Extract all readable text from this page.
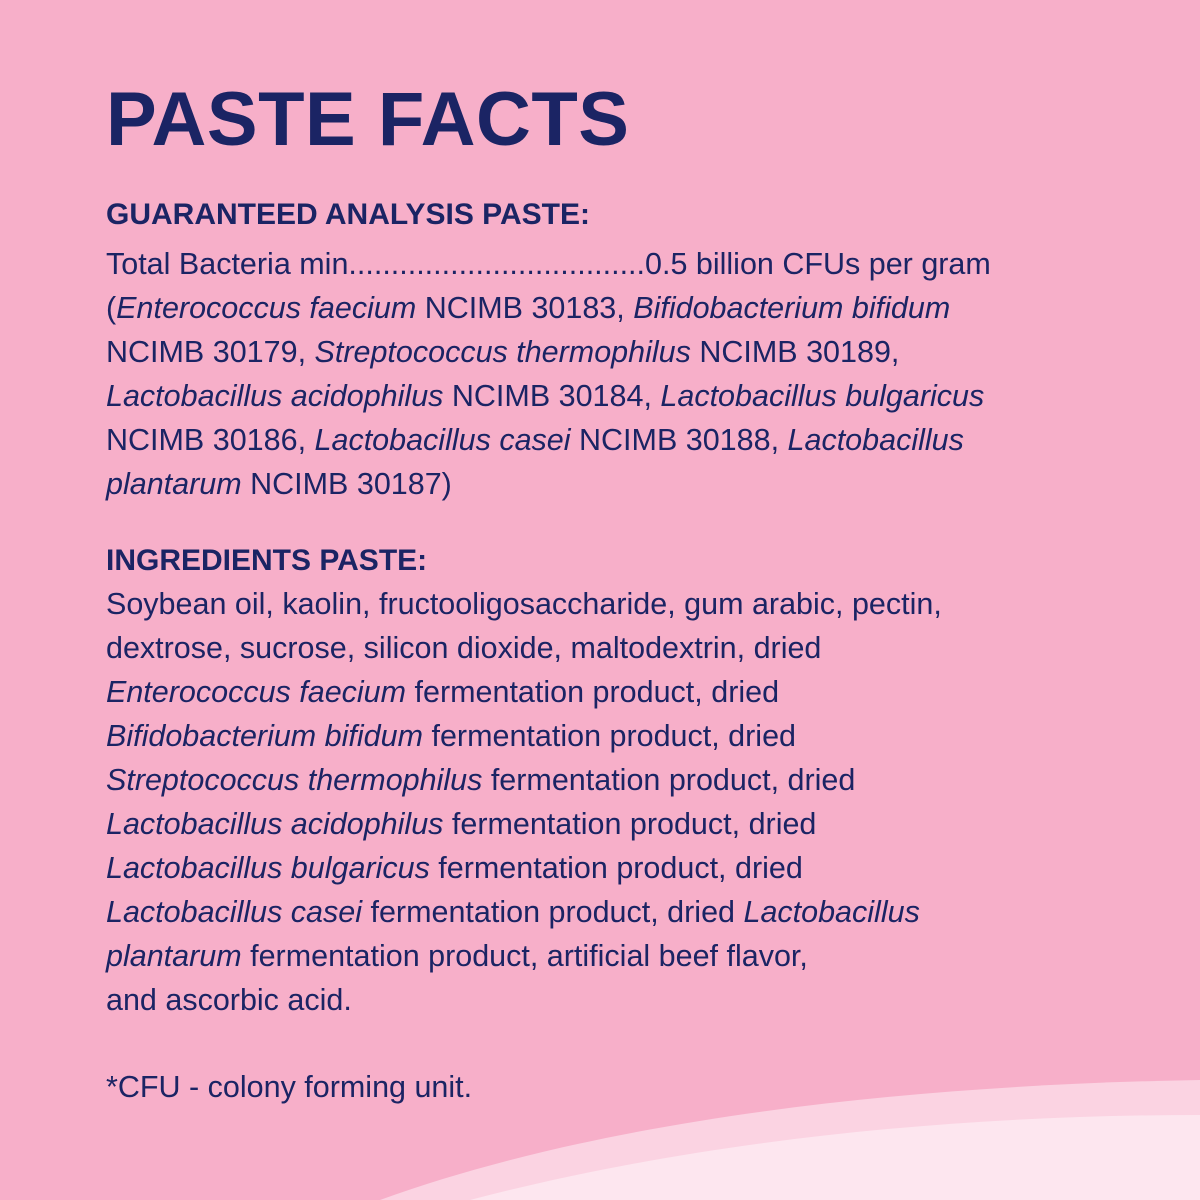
PASTE FACTS
GUARANTEED ANALYSIS PASTE:
Total Bacteria min...................................0.5 billion CFUs per gram
(Enterococcus faecium NCIMB 30183, Bifidobacterium bifidum
NCIMB 30179, Streptococcus thermophilus NCIMB 30189,
Lactobacillus acidophilus NCIMB 30184, Lactobacillus bulgaricus
NCIMB 30186, Lactobacillus casei NCIMB 30188, Lactobacillus
plantarum NCIMB 30187)
INGREDIENTS PASTE:
Soybean oil, kaolin, fructooligosaccharide, gum arabic, pectin,
dextrose, sucrose, silicon dioxide, maltodextrin, dried
Enterococcus faecium fermentation product, dried
Bifidobacterium bifidum fermentation product, dried
Streptococcus thermophilus fermentation product, dried
Lactobacillus acidophilus fermentation product, dried
Lactobacillus bulgaricus fermentation product, dried
Lactobacillus casei fermentation product, dried Lactobacillus
plantarum fermentation product, artificial beef flavor,
and ascorbic acid.
*CFU - colony forming unit.
